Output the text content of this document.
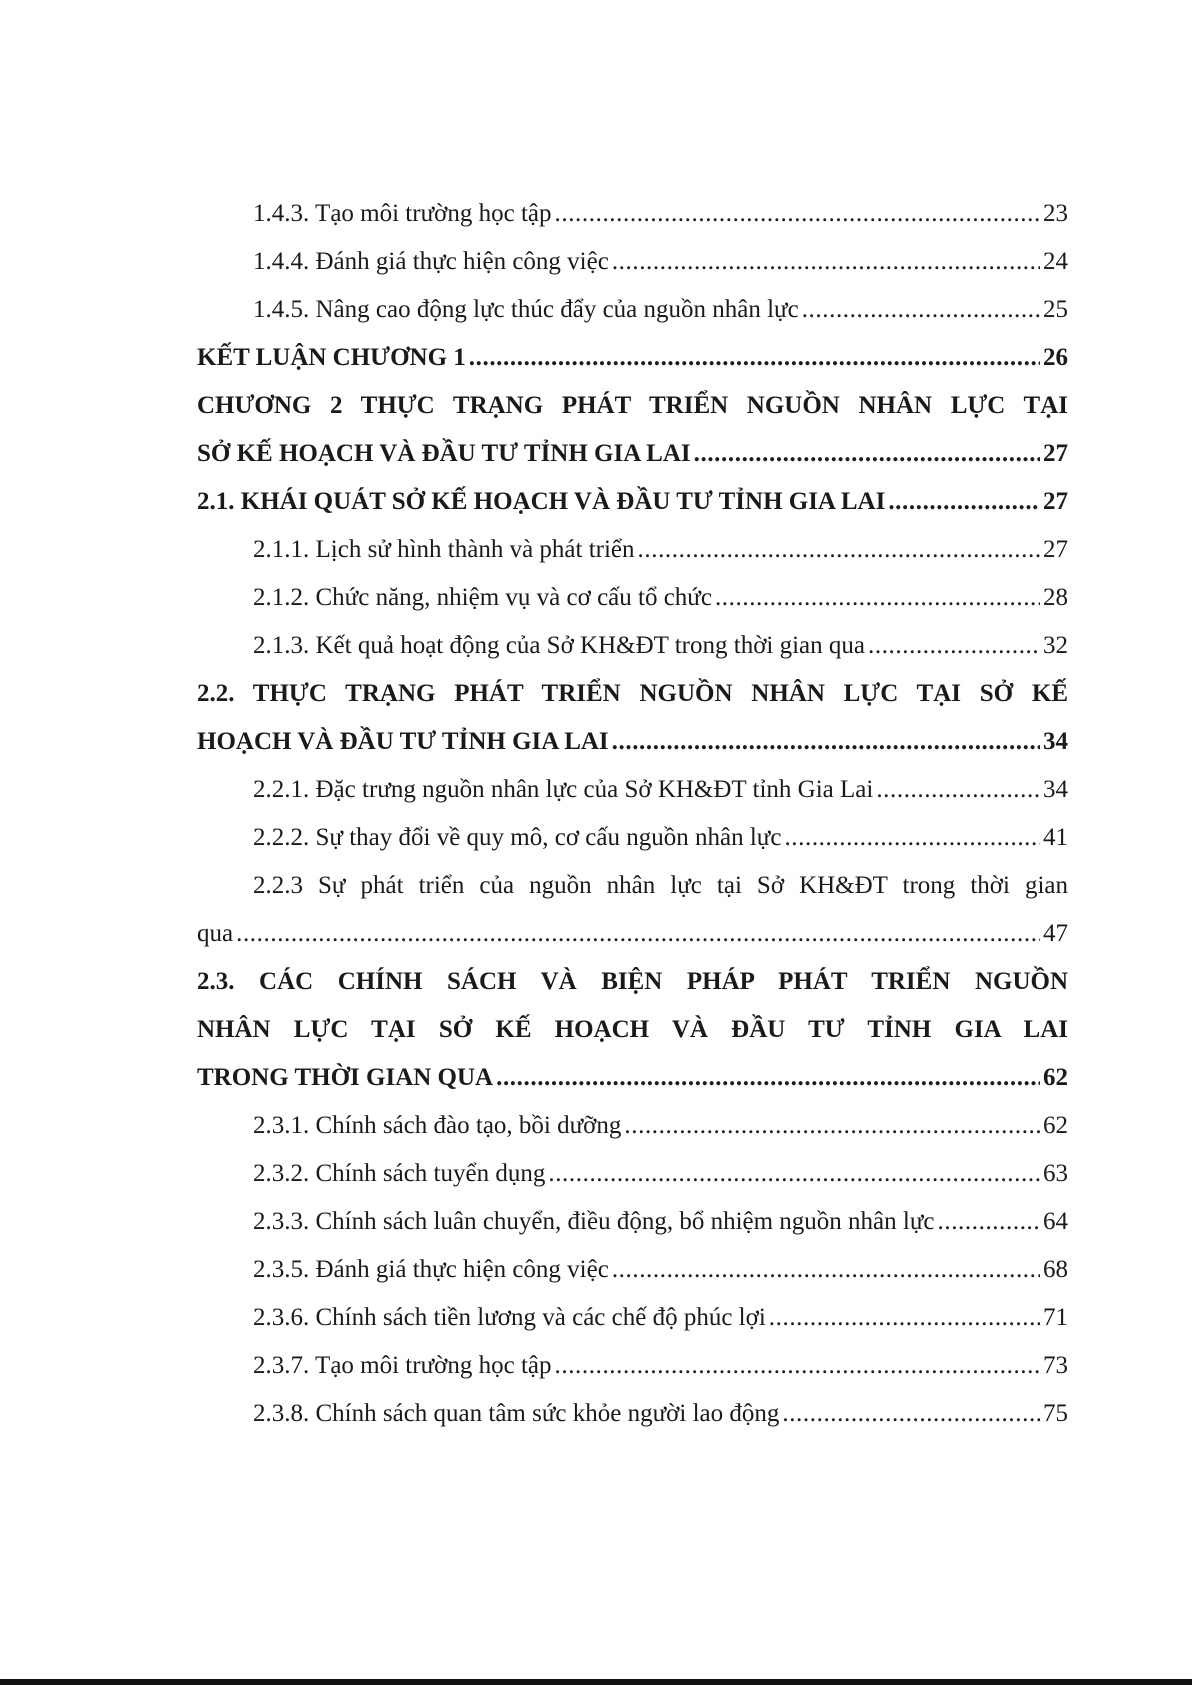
1.4.3. Tạo môi trường học tập .....	23
1.4.4. Đánh giá thực hiện công việc .....	24
1.4.5. Nâng cao động lực thúc đẩy của nguồn nhân lực .....	25
KẾT LUẬN CHƯƠNG 1 .....	26
CHƯƠNG 2 THỰC TRẠNG PHÁT TRIỂN NGUỒN NHÂN LỰC TẠI
SỞ KẾ HOẠCH VÀ ĐẦU TƯ TỈNH GIA LAI .....	27
2.1. KHÁI QUÁT SỞ KẾ HOẠCH VÀ ĐẦU TƯ TỈNH GIA LAI .....	27
2.1.1. Lịch sử hình thành và phát triển .....	27
2.1.2. Chức năng, nhiệm vụ và cơ cấu tổ chức .....	28
2.1.3. Kết quả hoạt động của Sở KH&ĐT trong thời gian qua .....	32
2.2. THỰC TRẠNG PHÁT TRIỂN NGUỒN NHÂN LỰC TẠI SỞ KẾ
HOẠCH VÀ ĐẦU TƯ TỈNH GIA LAI .....	34
2.2.1. Đặc trưng nguồn nhân lực của Sở KH&ĐT tỉnh Gia Lai .....	34
2.2.2. Sự thay đổi về quy mô, cơ cấu nguồn nhân lực .....	41
2.2.3 Sự phát triển của nguồn nhân lực tại Sở KH&ĐT trong thời gian
qua .....	47
2.3. CÁC CHÍNH SÁCH VÀ BIỆN PHÁP PHÁT TRIỂN NGUỒN
NHÂN LỰC TẠI SỞ KẾ HOẠCH VÀ ĐẦU TƯ TỈNH GIA LAI
TRONG THỜI GIAN QUA .....	62
2.3.1. Chính sách đào tạo, bồi dưỡng .....	62
2.3.2. Chính sách tuyển dụng .....	63
2.3.3. Chính sách luân chuyển, điều động, bổ nhiệm nguồn nhân lực .....	64
2.3.5. Đánh giá thực hiện công việc .....	68
2.3.6. Chính sách tiền lương và các chế độ phúc lợi .....	71
2.3.7. Tạo môi trường học tập .....	73
2.3.8. Chính sách quan tâm sức khỏe người lao động .....	75
